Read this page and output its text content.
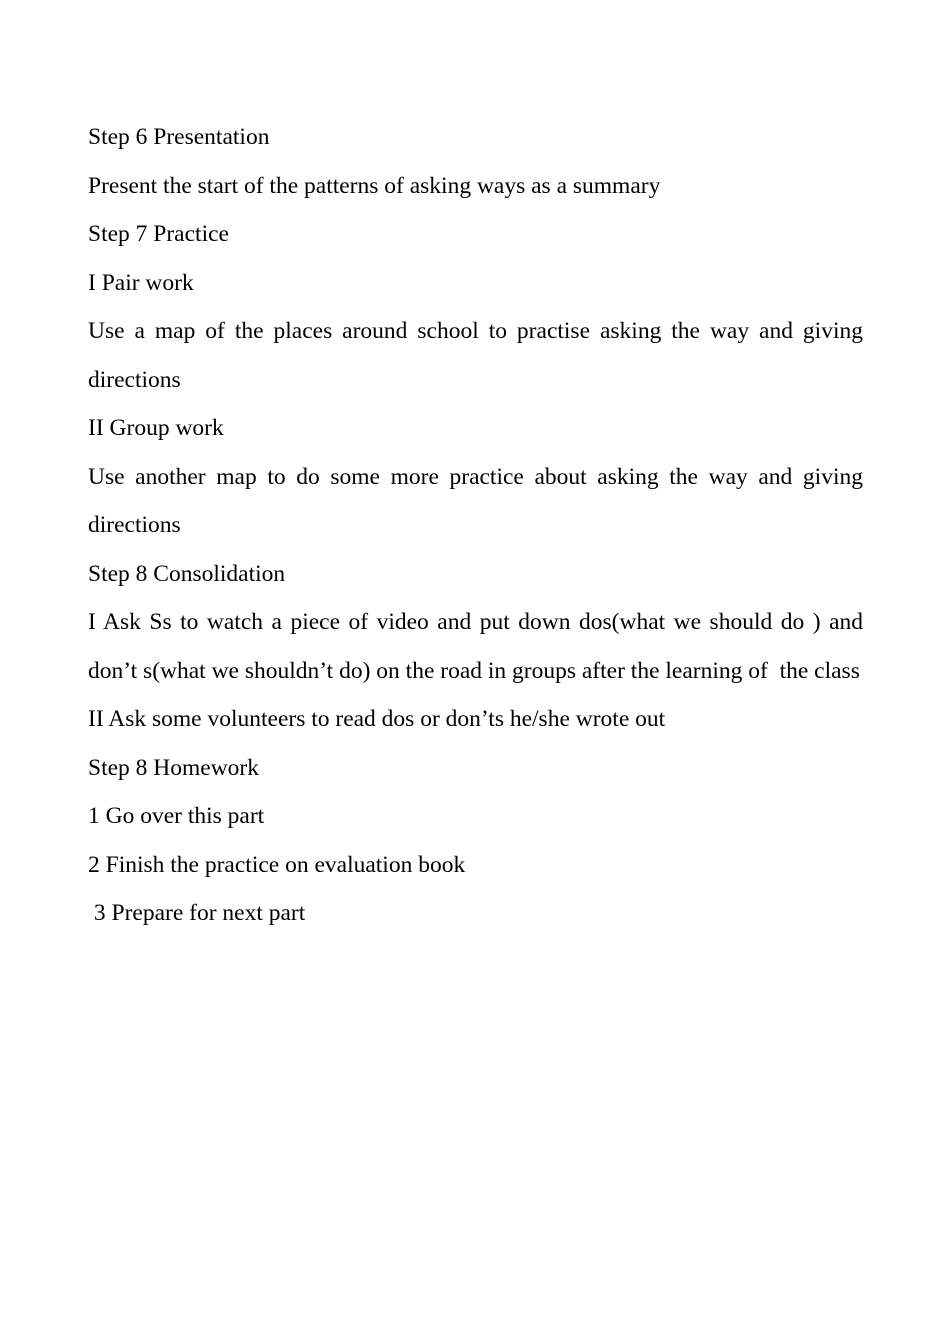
Step 6 Presentation

Present the start of the patterns of asking ways as a summary

Step 7 Practice

I Pair work

Use a map of the places around school to practise asking the way and giving directions

II Group work

Use another map to do some more practice about asking the way and giving directions

Step 8 Consolidation

I Ask Ss to watch a piece of video and put down dos(what we should do ) and don’t s(what we shouldn’t do) on the road in groups after the learning of  the class

II Ask some volunteers to read dos or don’ts he/she wrote out

Step 8 Homework

1 Go over this part

2 Finish the practice on evaluation book

3 Prepare for next part
